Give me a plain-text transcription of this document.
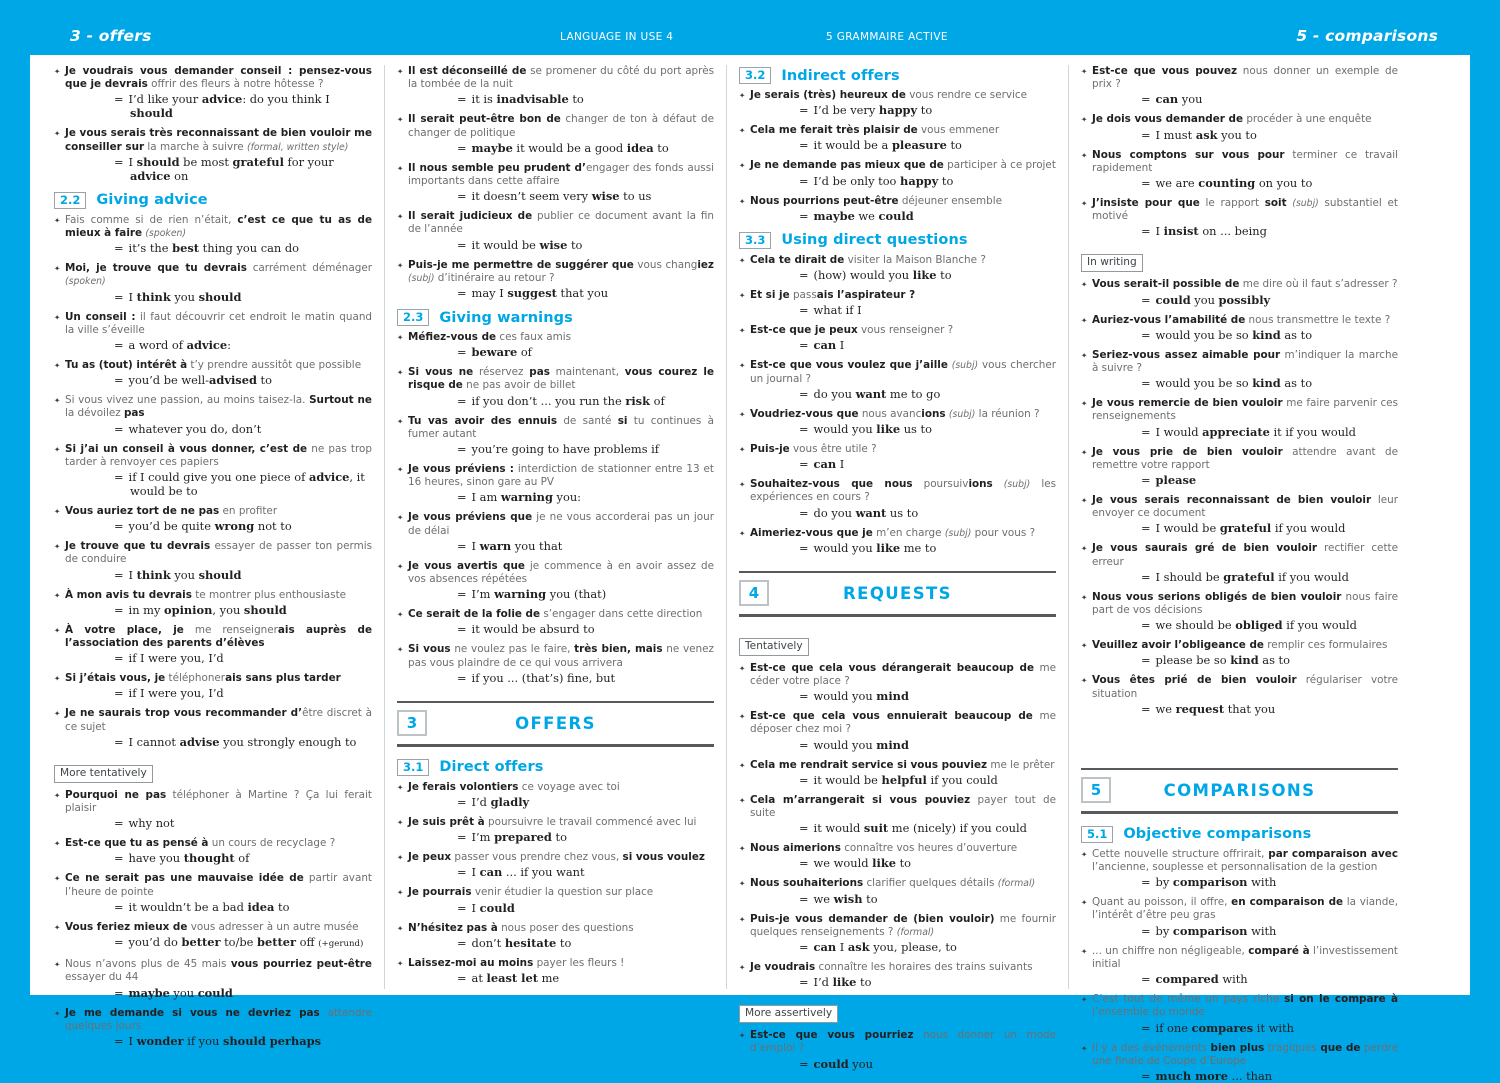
3 - offers	LANGUAGE IN USE 4	5 GRAMMAIRE ACTIVE	5 - comparisons
✦ Je voudrais vous demander conseil : pensez-vous que je devrais offrir des fleurs à notre hôtesse ?
= I’d like your advice: do you think I should
✦ Je vous serais très reconnaissant de bien vouloir me conseiller sur la marche à suivre (formal, written style)
= I should be most grateful for your advice on
2.2	Giving advice
✦ Fais comme si de rien n’était, c’est ce que tu as de mieux à faire (spoken)
= it’s the best thing you can do
✦ Moi, je trouve que tu devrais carrément déménager (spoken)
= I think you should
✦ Un conseil : il faut découvrir cet endroit le matin quand la ville s’éveille
= a word of advice:
✦ Tu as (tout) intérêt à t’y prendre aussitôt que possible
= you’d be well-advised to
✦ Si vous vivez une passion, au moins taisez-la. Surtout ne la dévoilez pas
= whatever you do, don’t
✦ Si j’ai un conseil à vous donner, c’est de ne pas trop tarder à renvoyer ces papiers
= if I could give you one piece of advice, it would be to
✦ Vous auriez tort de ne pas en profiter
= you’d be quite wrong not to
✦ Je trouve que tu devrais essayer de passer ton permis de conduire
= I think you should
✦ À mon avis tu devrais te montrer plus enthousiaste
= in my opinion, you should
✦ À votre place, je me renseignerais auprès de l’association des parents d’élèves
= if I were you, I’d
✦ Si j’étais vous, je téléphonerais sans plus tarder
= if I were you, I’d
✦ Je ne saurais trop vous recommander d’être discret à ce sujet
= I cannot advise you strongly enough to
More tentatively
✦ Pourquoi ne pas téléphoner à Martine ? Ça lui ferait plaisir
= why not
✦ Est-ce que tu as pensé à un cours de recyclage ?
= have you thought of
✦ Ce ne serait pas une mauvaise idée de partir avant l’heure de pointe
= it wouldn’t be a bad idea to
✦ Vous feriez mieux de vous adresser à un autre musée
= you’d do better to/be better off (+gerund)
✦ Nous n’avons plus de 45 mais vous pourriez peut-être essayer du 44
= maybe you could
✦ Je me demande si vous ne devriez pas attendre quelques jours
= I wonder if you should perhaps
✦ Il est déconseillé de se promener du côté du port après la tombée de la nuit
= it is inadvisable to
✦ Il serait peut-être bon de changer de ton à défaut de changer de politique
= maybe it would be a good idea to
✦ Il nous semble peu prudent d’engager des fonds aussi importants dans cette affaire
= it doesn’t seem very wise to us
✦ Il serait judicieux de publier ce document avant la fin de l’année
= it would be wise to
✦ Puis-je me permettre de suggérer que vous changiez (subj) d’itinéraire au retour ?
= may I suggest that you
2.3	Giving warnings
✦ Méfiez-vous de ces faux amis
= beware of
✦ Si vous ne réservez pas maintenant, vous courez le risque de ne pas avoir de billet
= if you don’t ... you run the risk of
✦ Tu vas avoir des ennuis de santé si tu continues à fumer autant
= you’re going to have problems if
✦ Je vous préviens : interdiction de stationner entre 13 et 16 heures, sinon gare au PV
= I am warning you:
✦ Je vous préviens que je ne vous accorderai pas un jour de délai
= I warn you that
✦ Je vous avertis que je commence à en avoir assez de vos absences répétées
= I’m warning you (that)
✦ Ce serait de la folie de s’engager dans cette direction
= it would be absurd to
✦ Si vous ne voulez pas le faire, très bien, mais ne venez pas vous plaindre de ce qui vous arrivera
= if you ... (that’s) fine, but
3	OFFERS
3.1	Direct offers
✦ Je ferais volontiers ce voyage avec toi
= I’d gladly
✦ Je suis prêt à poursuivre le travail commencé avec lui
= I’m prepared to
✦ Je peux passer vous prendre chez vous, si vous voulez
= I can ... if you want
✦ Je pourrais venir étudier la question sur place
= I could
✦ N’hésitez pas à nous poser des questions
= don’t hesitate to
✦ Laissez-moi au moins payer les fleurs !
= at least let me
3.2	Indirect offers
✦ Je serais (très) heureux de vous rendre ce service
= I’d be very happy to
✦ Cela me ferait très plaisir de vous emmener
= it would be a pleasure to
✦ Je ne demande pas mieux que de participer à ce projet
= I’d be only too happy to
✦ Nous pourrions peut-être déjeuner ensemble
= maybe we could
3.3	Using direct questions
✦ Cela te dirait de visiter la Maison Blanche ?
= (how) would you like to
✦ Et si je passais l’aspirateur ?
= what if I
✦ Est-ce que je peux vous renseigner ?
= can I
✦ Est-ce que vous voulez que j’aille (subj) vous chercher un journal ?
= do you want me to go
✦ Voudriez-vous que nous avancions (subj) la réunion ?
= would you like us to
✦ Puis-je vous être utile ?
= can I
✦ Souhaitez-vous que nous poursuivions (subj) les expériences en cours ?
= do you want us to
✦ Aimeriez-vous que je m’en charge (subj) pour vous ?
= would you like me to
4	REQUESTS
Tentatively
✦ Est-ce que cela vous dérangerait beaucoup de me céder votre place ?
= would you mind
✦ Est-ce que cela vous ennuierait beaucoup de me déposer chez moi ?
= would you mind
✦ Cela me rendrait service si vous pouviez me le prêter
= it would be helpful if you could
✦ Cela m’arrangerait si vous pouviez payer tout de suite
= it would suit me (nicely) if you could
✦ Nous aimerions connaître vos heures d’ouverture
= we would like to
✦ Nous souhaiterions clarifier quelques détails (formal)
= we wish to
✦ Puis-je vous demander de (bien vouloir) me fournir quelques renseignements ? (formal)
= can I ask you, please, to
✦ Je voudrais connaître les horaires des trains suivants
= I’d like to
More assertively
✦ Est-ce que vous pourriez nous donner un mode d’emploi ?
= could you
✦ Est-ce que vous pouvez nous donner un exemple de prix ?
= can you
✦ Je dois vous demander de procéder à une enquête
= I must ask you to
✦ Nous comptons sur vous pour terminer ce travail rapidement
= we are counting on you to
✦ J’insiste pour que le rapport soit (subj) substantiel et motivé
= I insist on ... being
In writing
✦ Vous serait-il possible de me dire où il faut s’adresser ?
= could you possibly
✦ Auriez-vous l’amabilité de nous transmettre le texte ?
= would you be so kind as to
✦ Seriez-vous assez aimable pour m’indiquer la marche à suivre ?
= would you be so kind as to
✦ Je vous remercie de bien vouloir me faire parvenir ces renseignements
= I would appreciate it if you would
✦ Je vous prie de bien vouloir attendre avant de remettre votre rapport
= please
✦ Je vous serais reconnaissant de bien vouloir leur envoyer ce document
= I would be grateful if you would
✦ Je vous saurais gré de bien vouloir rectifier cette erreur
= I should be grateful if you would
✦ Nous vous serions obligés de bien vouloir nous faire part de vos décisions
= we should be obliged if you would
✦ Veuillez avoir l’obligeance de remplir ces formulaires
= please be so kind as to
✦ Vous êtes prié de bien vouloir régulariser votre situation
= we request that you
5	COMPARISONS
5.1	Objective comparisons
✦ Cette nouvelle structure offrirait, par comparaison avec l’ancienne, souplesse et personnalisation de la gestion
= by comparison with
✦ Quant au poisson, il offre, en comparaison de la viande, l’intérêt d’être peu gras
= by comparison with
✦ ... un chiffre non négligeable, comparé à l’investissement initial
= compared with
✦ C’est tout de même un pays riche si on le compare à l’ensemble du monde
= if one compares it with
✦ Il y a des événements bien plus tragiques que de perdre une finale de Coupe d’Europe
= much more ... than
